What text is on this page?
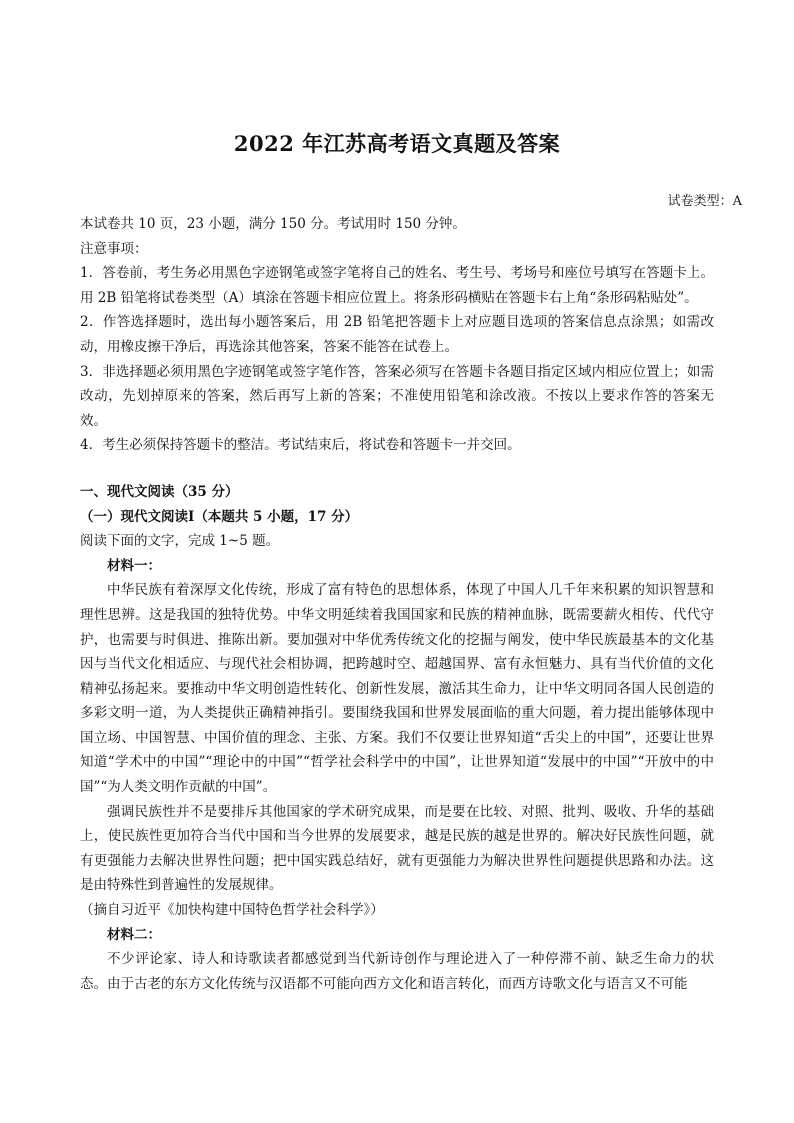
2022 年江苏高考语文真题及答案
试卷类型：A

本试卷共 10 页，23 小题，满分 150 分。考试用时 150 分钟。

注意事项：

1．答卷前，考生务必用黑色字迹钢笔或签字笔将自己的姓名、考生号、考场号和座位号填写在答题卡上。用 2B 铅笔将试卷类型（A）填涂在答题卡相应位置上。将条形码横贴在答题卡右上角“条形码粘贴处”。

2．作答选择题时，选出每小题答案后，用 2B 铅笔把答题卡上对应题目选项的答案信息点涂黑；如需改动，用橡皮擦干净后，再选涂其他答案，答案不能答在试卷上。

3．非选择题必须用黑色字迹钢笔或签字笔作答，答案必须写在答题卡各题目指定区域内相应位置上；如需改动，先划掉原来的答案，然后再写上新的答案；不准使用铅笔和涂改液。不按以上要求作答的答案无效。

4．考生必须保持答题卡的整洁。考试结束后，将试卷和答题卡一并交回。

一、现代文阅读（35 分）

（一）现代文阅读Ⅰ（本题共 5 小题，17 分）

阅读下面的文字，完成 1~5 题。

材料一：

中华民族有着深厚文化传统，形成了富有特色的思想体系，体现了中国人几千年来积累的知识智慧和理性思辨。这是我国的独特优势。中华文明延续着我国国家和民族的精神血脉，既需要薪火相传、代代守护，也需要与时俱进、推陈出新。要加强对中华优秀传统文化的挖掘与阐发，使中华民族最基本的文化基因与当代文化相适应、与现代社会相协调，把跨越时空、超越国界、富有永恒魅力、具有当代价值的文化精神弘扬起来。要推动中华文明创造性转化、创新性发展，激活其生命力，让中华文明同各国人民创造的多彩文明一道，为人类提供正确精神指引。要围绕我国和世界发展面临的重大问题，着力提出能够体现中国立场、中国智慧、中国价值的理念、主张、方案。我们不仅要让世界知道“舌尖上的中国”，还要让世界知道“学术中的中国”“理论中的中国”“哲学社会科学中的中国”，让世界知道“发展中的中国”“开放中的中国”“为人类文明作贡献的中国”。

强调民族性并不是要排斥其他国家的学术研究成果，而是要在比较、对照、批判、吸收、升华的基础上，使民族性更加符合当代中国和当今世界的发展要求，越是民族的越是世界的。解决好民族性问题，就有更强能力去解决世界性问题；把中国实践总结好，就有更强能力为解决世界性问题提供思路和办法。这是由特殊性到普遍性的发展规律。

（摘自习近平《加快构建中国特色哲学社会科学》）

材料二：

不少评论家、诗人和诗歌读者都感觉到当代新诗创作与理论进入了一种停滞不前、缺乏生命力的状态。由于古老的东方文化传统与汉语都不可能向西方文化和语言转化，而西方诗歌文化与语言又不可能
